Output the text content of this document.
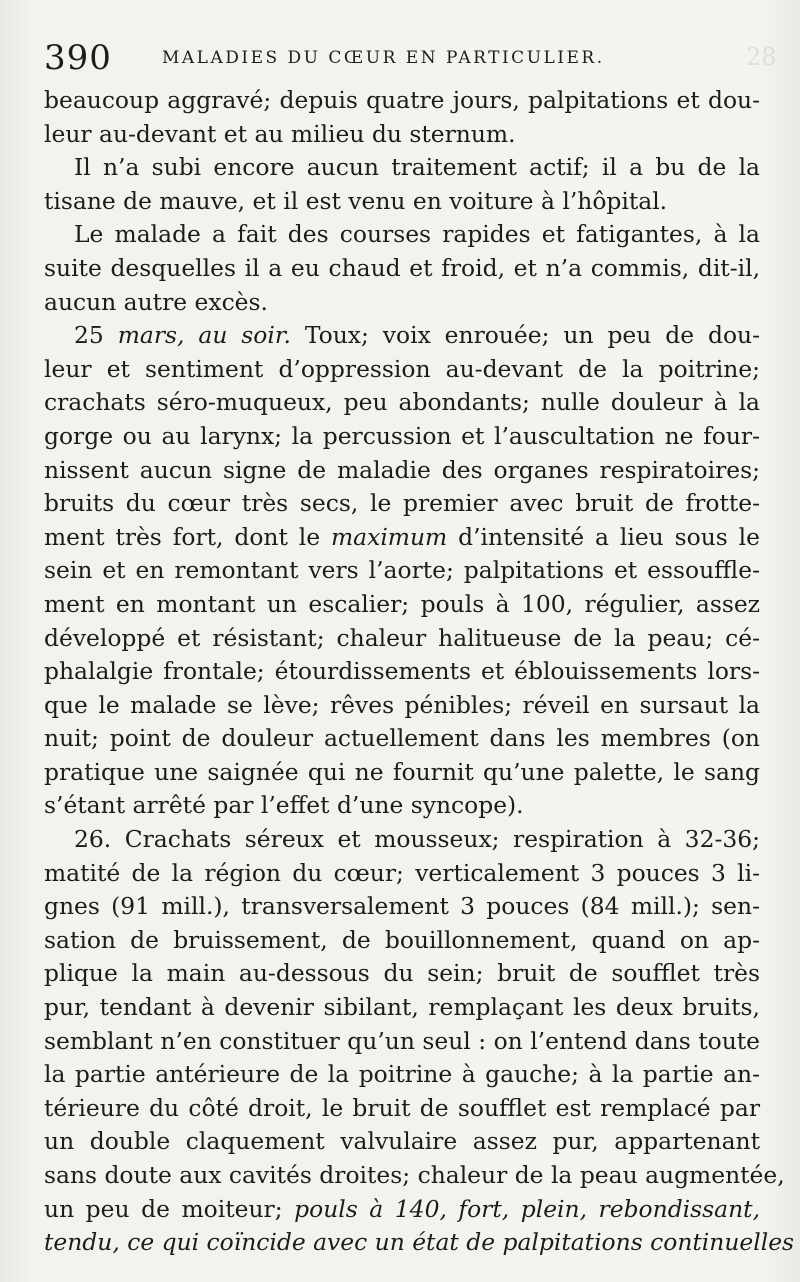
28
390	MALADIES DU CŒUR EN PARTICULIER.
beaucoup aggravé; depuis quatre jours, palpitations et dou-
leur au-devant et au milieu du sternum.
Il n’a subi encore aucun traitement actif; il a bu de la
tisane de mauve, et il est venu en voiture à l’hôpital.
Le malade a fait des courses rapides et fatigantes, à la
suite desquelles il a eu chaud et froid, et n’a commis, dit-il,
aucun autre excès.
25 mars, au soir. Toux; voix enrouée; un peu de dou-
leur et sentiment d’oppression au-devant de la poitrine;
crachats séro-muqueux, peu abondants; nulle douleur à la
gorge ou au larynx; la percussion et l’auscultation ne four-
nissent aucun signe de maladie des organes respiratoires;
bruits du cœur très secs, le premier avec bruit de frotte-
ment très fort, dont le maximum d’intensité a lieu sous le
sein et en remontant vers l’aorte; palpitations et essouffle-
ment en montant un escalier; pouls à 100, régulier, assez
développé et résistant; chaleur halitueuse de la peau; cé-
phalalgie frontale; étourdissements et éblouissements lors-
que le malade se lève; rêves pénibles; réveil en sursaut la
nuit; point de douleur actuellement dans les membres (on
pratique une saignée qui ne fournit qu’une palette, le sang
s’étant arrêté par l’effet d’une syncope).
26. Crachats séreux et mousseux; respiration à 32-36;
matité de la région du cœur; verticalement 3 pouces 3 li-
gnes (91 mill.), transversalement 3 pouces (84 mill.); sen-
sation de bruissement, de bouillonnement, quand on ap-
plique la main au-dessous du sein; bruit de soufflet très
pur, tendant à devenir sibilant, remplaçant les deux bruits,
semblant n’en constituer qu’un seul : on l’entend dans toute
la partie antérieure de la poitrine à gauche; à la partie an-
térieure du côté droit, le bruit de soufflet est remplacé par
un double claquement valvulaire assez pur, appartenant
sans doute aux cavités droites; chaleur de la peau augmentée,
un peu de moiteur; pouls à 140, fort, plein, rebondissant,
tendu, ce qui coïncide avec un état de palpitations continuelles
